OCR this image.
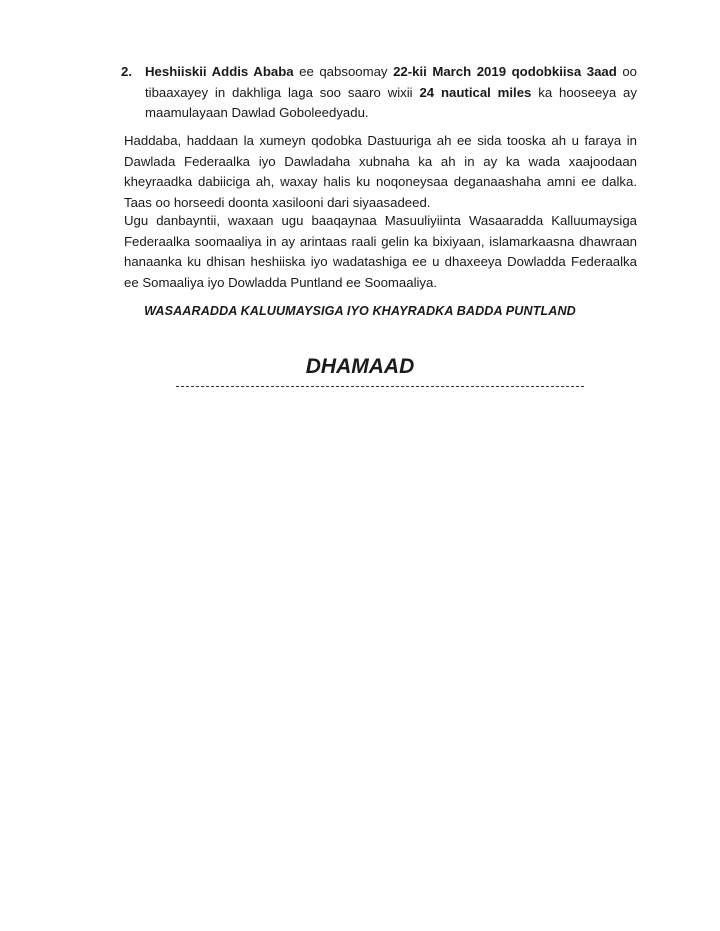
2. Heshiiskii Addis Ababa ee qabsoomay 22-kii March 2019 qodobkiisa 3aad oo tibaaxayey in dakhliga laga soo saaro wixii 24 nautical miles ka hooseeya ay maamulayaan Dawlad Goboleedyadu.

Haddaba, haddaan la xumeyn qodobka Dastuuriga ah ee sida tooska ah u faraya in Dawlada Federaalka iyo Dawladaha xubnaha ka ah in ay ka wada xaajoodaan kheyraadka dabiiciga ah, waxay halis ku noqoneysaa deganaashaha amni ee dalka. Taas oo horseedi doonta xasilooni dari siyaasadeed.

Ugu danbayntii, waxaan ugu baaqaynaa Masuuliyiinta Wasaaradda Kalluumaysiga Federaalka soomaaliya in ay arintaas raali gelin ka bixiyaan, islamarkaasna dhawraan hanaanka ku dhisan heshiiska iyo wadatashiga ee u dhaxeeya Dowladda Federaalka ee Somaaliya iyo Dowladda Puntland ee Soomaaliya.

WASAARADDA KALUUMAYSIGA IYO KHAYRADKA BADDA PUNTLAND
DHAMAAD
